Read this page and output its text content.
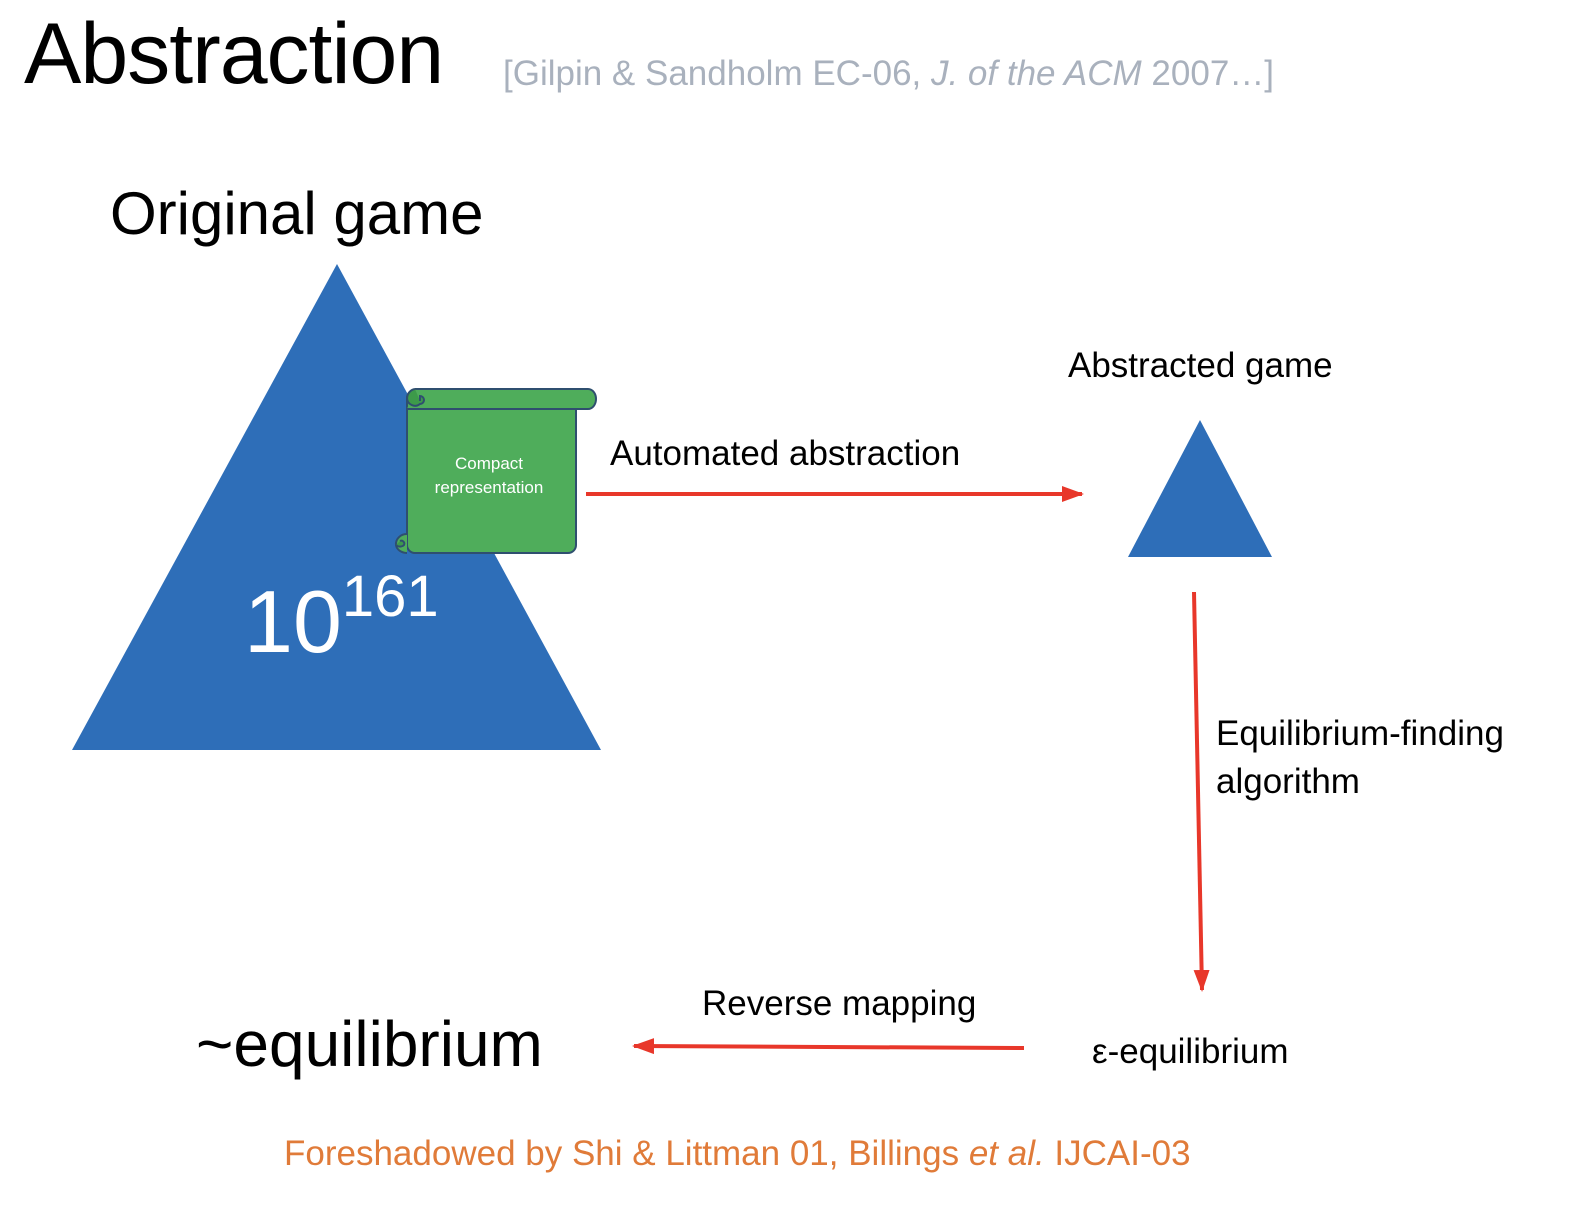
Abstraction [Gilpin & Sandholm EC-06, J. of the ACM 2007…]
Original game
$10^{161}$
Compact
representation
Automated abstraction
Abstracted game
Equilibrium-finding
algorithm
ε-equilibrium
Reverse mapping
~equilibrium
Foreshadowed by Shi & Littman 01, Billings et al. IJCAI-03
